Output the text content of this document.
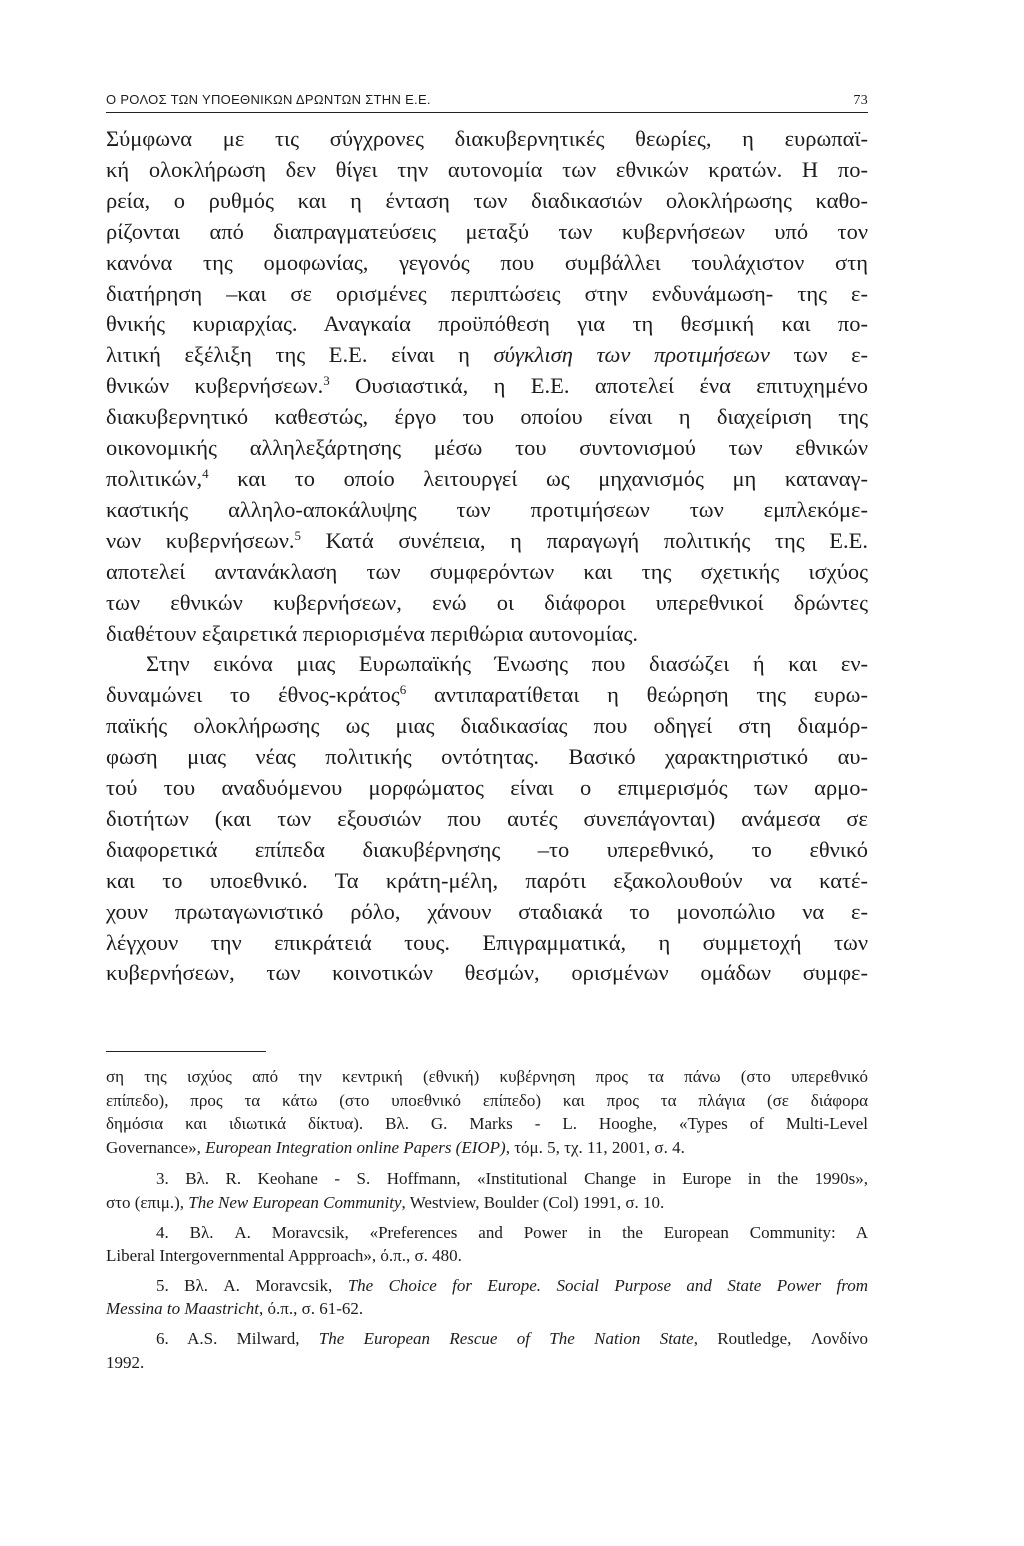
Ο ΡΟΛΟΣ ΤΩΝ ΥΠΟΕΘΝΙΚΩΝ ΔΡΩΝΤΩΝ ΣΤΗΝ Ε.Ε.	73

Σύμφωνα με τις σύγχρονες διακυβερνητικές θεωρίες, η ευρωπαϊ-
κή ολοκλήρωση δεν θίγει την αυτονομία των εθνικών κρατών. Η πο-
ρεία, ο ρυθμός και η ένταση των διαδικασιών ολοκλήρωσης καθο-
ρίζονται από διαπραγματεύσεις μεταξύ των κυβερνήσεων υπό τον
κανόνα της ομοφωνίας, γεγονός που συμβάλλει τουλάχιστον στη
διατήρηση –και σε ορισμένες περιπτώσεις στην ενδυνάμωση- της ε-
θνικής κυριαρχίας. Αναγκαία προϋπόθεση για τη θεσμική και πο-
λιτική εξέλιξη της Ε.Ε. είναι η σύγκλιση των προτιμήσεων των ε-
θνικών κυβερνήσεων.$^3$ Ουσιαστικά, η Ε.Ε. αποτελεί ένα επιτυχημένο
διακυβερνητικό καθεστώς, έργο του οποίου είναι η διαχείριση της
οικονομικής αλληλεξάρτησης μέσω του συντονισμού των εθνικών
πολιτικών,$^4$ και το οποίο λειτουργεί ως μηχανισμός μη καταναγ-
καστικής αλληλο-αποκάλυψης των προτιμήσεων των εμπλεκόμε-
νων κυβερνήσεων.$^5$ Κατά συνέπεια, η παραγωγή πολιτικής της Ε.Ε.
αποτελεί αντανάκλαση των συμφερόντων και της σχετικής ισχύος
των εθνικών κυβερνήσεων, ενώ οι διάφοροι υπερεθνικοί δρώντες
διαθέτουν εξαιρετικά περιορισμένα περιθώρια αυτονομίας.

Στην εικόνα μιας Ευρωπαϊκής Ένωσης που διασώζει ή και εν-
δυναμώνει το έθνος-κράτος$^6$ αντιπαρατίθεται η θεώρηση της ευρω-
παϊκής ολοκλήρωσης ως μιας διαδικασίας που οδηγεί στη διαμόρ-
φωση μιας νέας πολιτικής οντότητας. Βασικό χαρακτηριστικό αυ-
τού του αναδυόμενου μορφώματος είναι ο επιμερισμός των αρμο-
διοτήτων (και των εξουσιών που αυτές συνεπάγονται) ανάμεσα σε
διαφορετικά επίπεδα διακυβέρνησης –το υπερεθνικό, το εθνικό
και το υποεθνικό. Τα κράτη-μέλη, παρότι εξακολουθούν να κατέ-
χουν πρωταγωνιστικό ρόλο, χάνουν σταδιακά το μονοπώλιο να ε-
λέγχουν την επικράτειά τους. Επιγραμματικά, η συμμετοχή των
κυβερνήσεων, των κοινοτικών θεσμών, ορισμένων ομάδων συμφε-

ση της ισχύος από την κεντρική (εθνική) κυβέρνηση προς τα πάνω (στο υπερεθνικό
επίπεδο), προς τα κάτω (στο υποεθνικό επίπεδο) και προς τα πλάγια (σε διάφορα
δημόσια και ιδιωτικά δίκτυα). Βλ. G. Marks - L. Hooghe, «Types of Multi-Level
Governance», European Integration online Papers (EIOP), τόμ. 5, τχ. 11, 2001, σ. 4.

3. Βλ. R. Keohane - S. Hoffmann, «Institutional Change in Europe in the 1990s»,
στο (επιμ.), The New European Community, Westview, Boulder (Col) 1991, σ. 10.

4. Βλ. A. Moravcsik, «Preferences and Power in the European Community: A
Liberal Intergovernmental Appproach», ό.π., σ. 480.

5. Βλ. A. Moravcsik, The Choice for Europe. Social Purpose and State Power from
Messina to Maastricht, ό.π., σ. 61-62.

6. A.S. Milward, The European Rescue of The Nation State, Routledge, Λονδίνο
1992.
